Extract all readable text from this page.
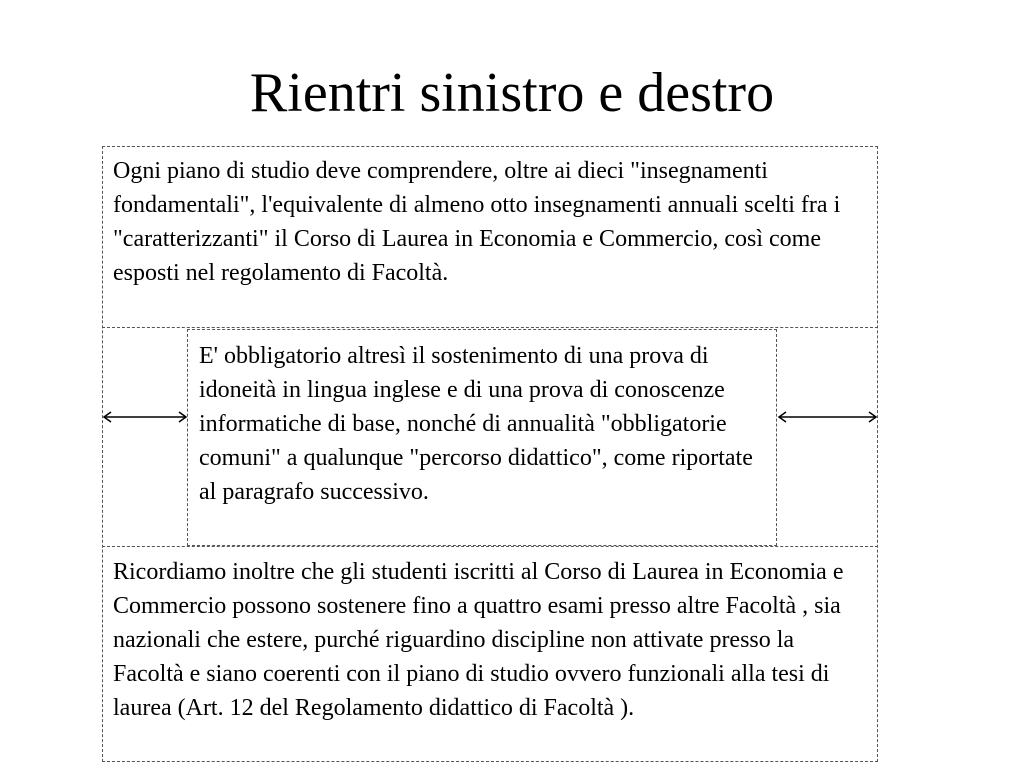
Rientri sinistro e destro

Ogni piano di studio deve comprendere, oltre ai dieci "insegnamenti fondamentali", l'equivalente di almeno otto insegnamenti annuali scelti fra i "caratterizzanti" il Corso di Laurea in Economia e Commercio, così come esposti nel regolamento di Facoltà.

E' obbligatorio altresì il sostenimento di una prova di idoneità in lingua inglese e di una prova di conoscenze informatiche di base, nonché di annualità "obbligatorie comuni" a qualunque "percorso didattico", come riportate al paragrafo successivo.

Ricordiamo inoltre che gli studenti iscritti al Corso di Laurea in Economia e Commercio possono sostenere fino a quattro esami presso altre Facoltà , sia nazionali che estere, purché riguardino discipline non attivate presso la Facoltà e siano coerenti con il piano di studio ovvero funzionali alla tesi di laurea (Art. 12 del Regolamento didattico di Facoltà ).
